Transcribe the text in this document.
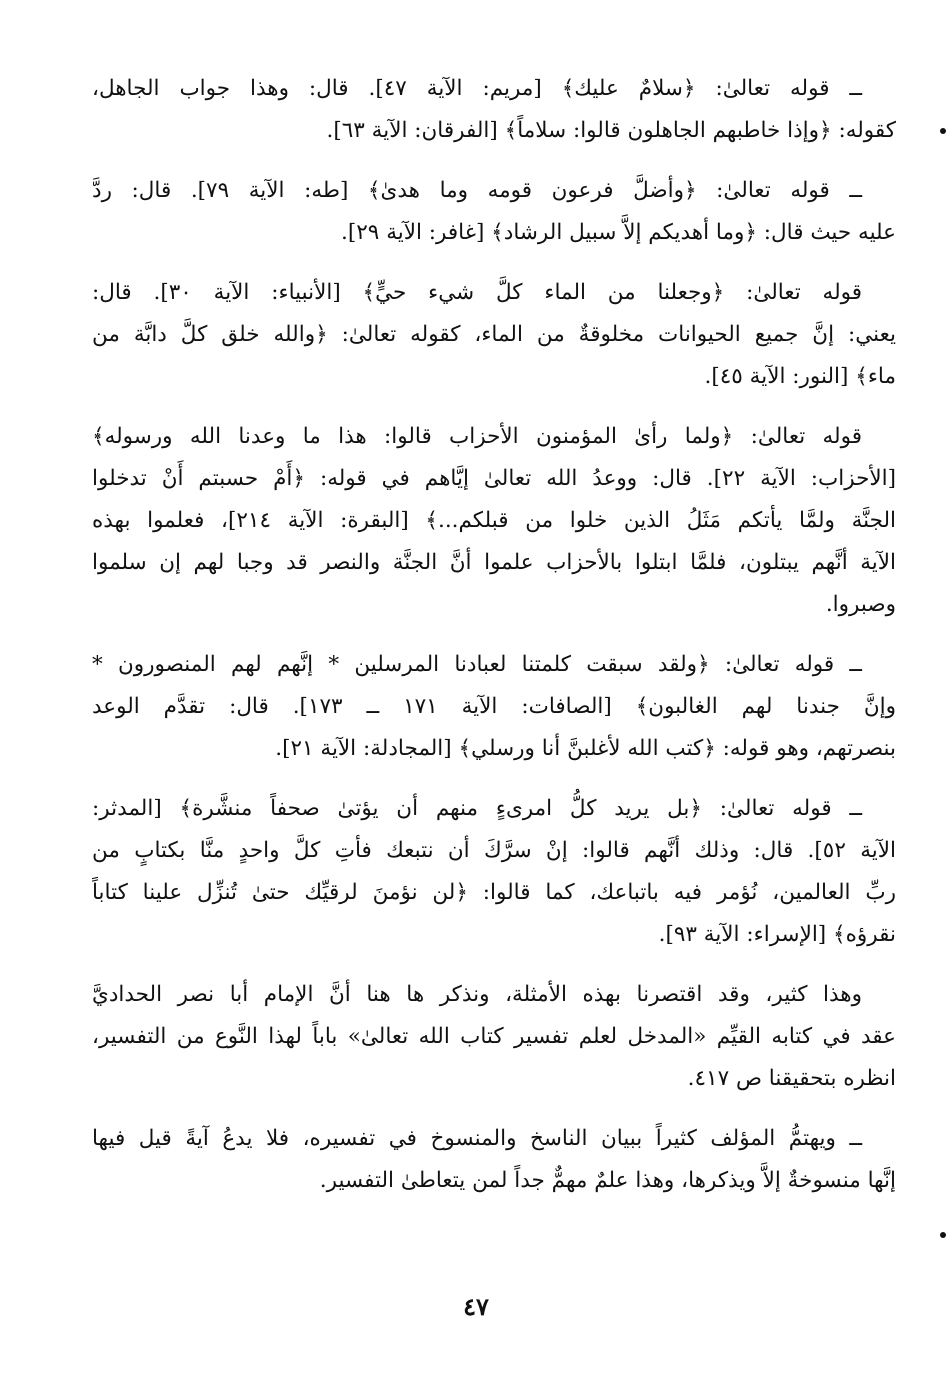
ــ قوله تعالىٰ: ﴿سلامٌ عليك﴾ [مريم: الآية ٤٧]. قال: وهذا جواب الجاهل،
كقوله: ﴿وإذا خاطبهم الجاهلون قالوا: سلاماً﴾ [الفرقان: الآية ٦٣].
ــ قوله تعالىٰ: ﴿وأضلَّ فرعون قومه وما هدىٰ﴾ [طه: الآية ٧٩]. قال: ردَّ
عليه حيث قال: ﴿وما أهديكم إلاَّ سبيل الرشاد﴾ [غافر: الآية ٢٩].
قوله تعالىٰ: ﴿وجعلنا من الماء كلَّ شيء حيٍّ﴾ [الأنبياء: الآية ٣٠]. قال:
يعني: إنَّ جميع الحيوانات مخلوقةٌ من الماء، كقوله تعالىٰ: ﴿والله خلق كلَّ دابَّة من
ماء﴾ [النور: الآية ٤٥].
قوله تعالىٰ: ﴿ولما رأىٰ المؤمنون الأحزاب قالوا: هذا ما وعدنا الله ورسوله﴾
[الأحزاب: الآية ٢٢]. قال: ووعدُ الله تعالىٰ إيَّاهم في قوله: ﴿أَمْ حسبتم أَنْ تدخلوا
الجنَّة ولمَّا يأتكم مَثَلُ الذين خلوا من قبلكم...﴾ [البقرة: الآية ٢١٤]، فعلموا بهذه
الآية أنَّهم يبتلون، فلمَّا ابتلوا بالأحزاب علموا أنَّ الجنَّة والنصر قد وجبا لهم إن سلموا
وصبروا.
ــ قوله تعالىٰ: ﴿ولقد سبقت كلمتنا لعبادنا المرسلين * إنَّهم لهم المنصورون *
وإنَّ جندنا لهم الغالبون﴾ [الصافات: الآية ١٧١ ــ ١٧٣]. قال: تقدَّم الوعد
بنصرتهم، وهو قوله: ﴿كتب الله لأغلبنَّ أنا ورسلي﴾ [المجادلة: الآية ٢١].
ــ قوله تعالىٰ: ﴿بل يريد كلُّ امرىءٍ منهم أن يؤتىٰ صحفاً منشَّرة﴾ [المدثر:
الآية ٥٢]. قال: وذلك أنَّهم قالوا: إنْ سرَّكَ أن نتبعك فأتِ كلَّ واحدٍ منَّا بكتابٍ من
ربِّ العالمين، نُؤمر فيه باتباعك، كما قالوا: ﴿لن نؤمنَ لرقيِّك حتىٰ تُنزِّل علينا كتاباً
نقرؤه﴾ [الإسراء: الآية ٩٣].
وهذا كثير، وقد اقتصرنا بهذه الأمثلة، ونذكر ها هنا أنَّ الإمام أبا نصر الحداديَّ
عقد في كتابه القيِّم «المدخل لعلم تفسير كتاب الله تعالىٰ» باباً لهذا النَّوع من التفسير،
انظره بتحقيقنا ص ٤١٧.
ــ ويهتمُّ المؤلف كثيراً ببيان الناسخ والمنسوخ في تفسيره، فلا يدعُ آيةً قيل فيها
إنَّها منسوخةٌ إلاَّ ويذكرها، وهذا علمٌ مهمٌّ جداً لمن يتعاطىٰ التفسير.
٤٧
